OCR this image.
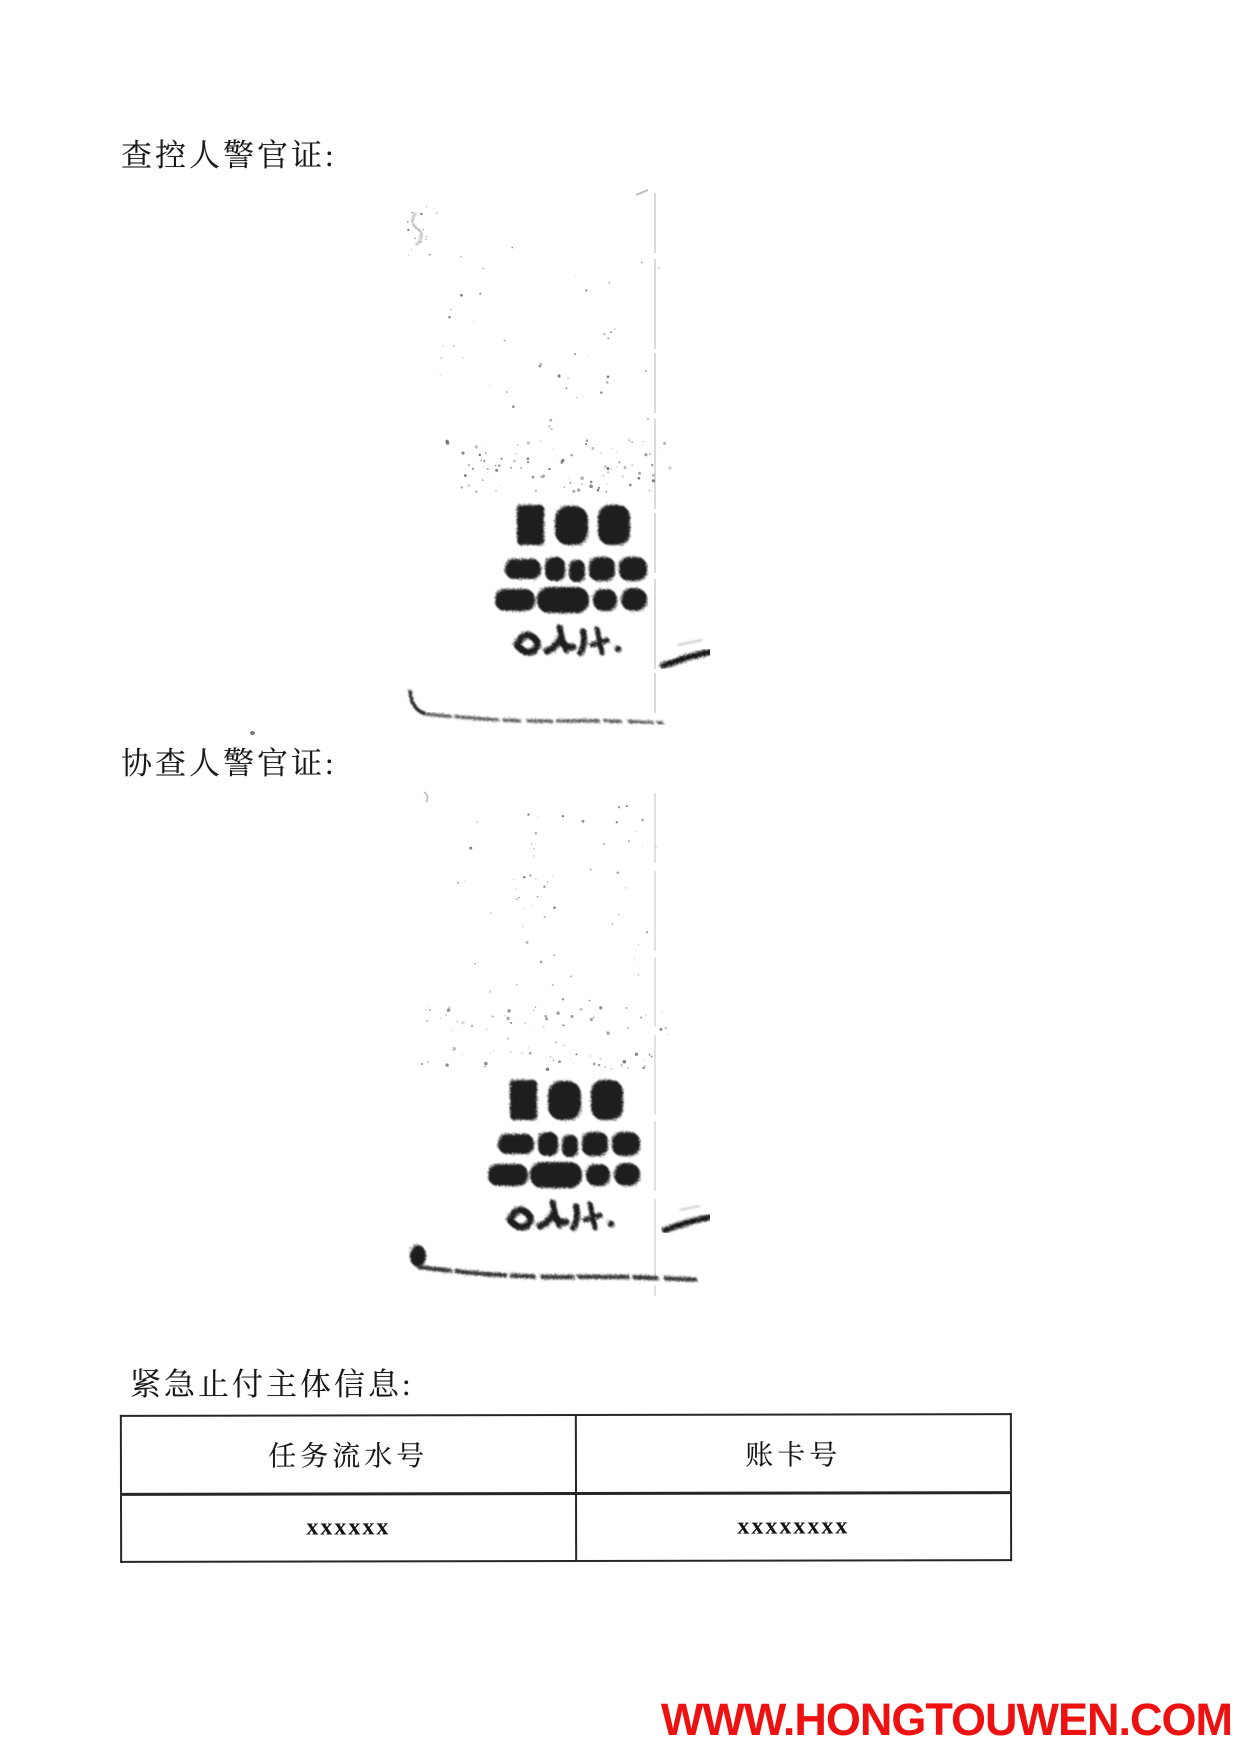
查控人警官证:
协查人警官证:
紧急止付主体信息:
任务流水号	账卡号
xxxxxx	xxxxxxxx
WWW.HONGTOUWEN.COM
